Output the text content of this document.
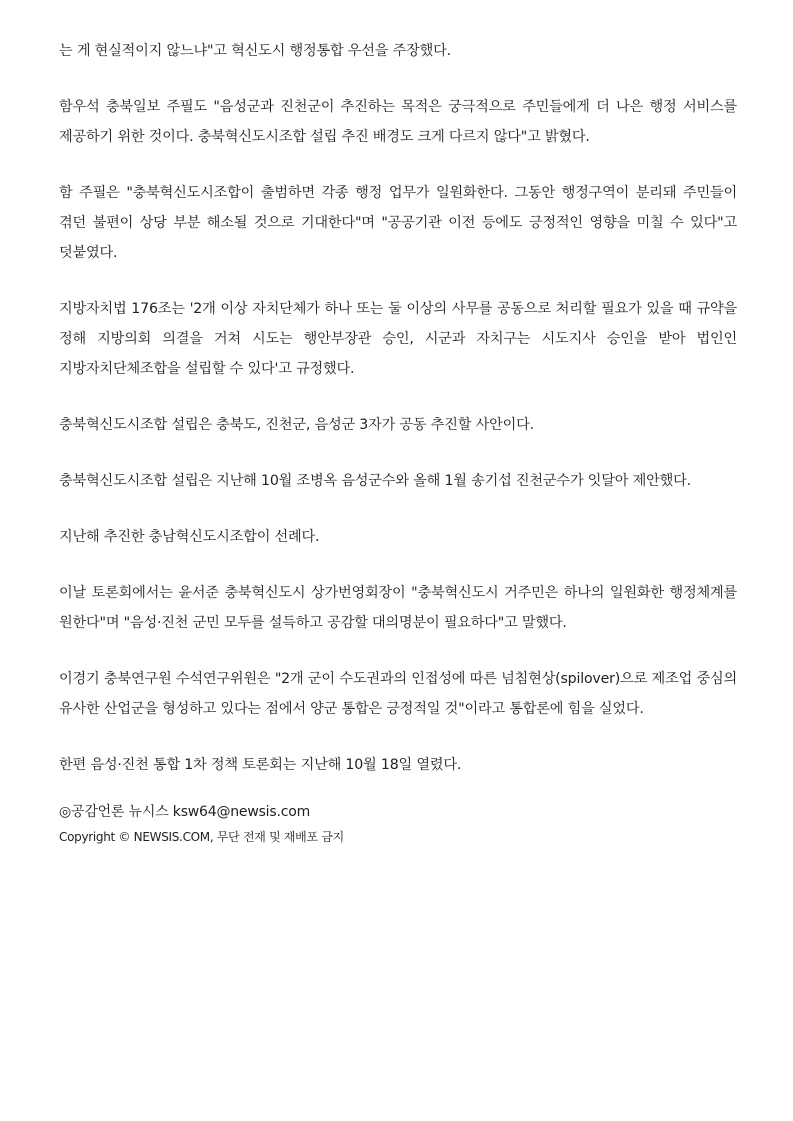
는 게 현실적이지 않느냐"고 혁신도시 행정통합 우선을 주장했다.

함우석 충북일보 주필도 "음성군과 진천군이 추진하는 목적은 궁극적으로 주민들에게 더 나은 행정 서비스를 제공하기 위한 것이다. 충북혁신도시조합 설립 추진 배경도 크게 다르지 않다"고 밝혔다.

함 주필은 "충북혁신도시조합이 출범하면 각종 행정 업무가 일원화한다. 그동안 행정구역이 분리돼 주민들이 겪던 불편이 상당 부분 해소될 것으로 기대한다"며 "공공기관 이전 등에도 긍정적인 영향을 미칠 수 있다"고 덧붙였다.

지방자치법 176조는 '2개 이상 자치단체가 하나 또는 둘 이상의 사무를 공동으로 처리할 필요가 있을 때 규약을 정해 지방의회 의결을 거쳐 시도는 행안부장관 승인, 시군과 자치구는 시도지사 승인을 받아 법인인 지방자치단체조합을 설립할 수 있다'고 규정했다.

충북혁신도시조합 설립은 충북도, 진천군, 음성군 3자가 공동 추진할 사안이다.

충북혁신도시조합 설립은 지난해 10월 조병옥 음성군수와 올해 1월 송기섭 진천군수가 잇달아 제안했다.

지난해 추진한 충남혁신도시조합이 선례다.

이날 토론회에서는 윤서준 충북혁신도시 상가번영회장이 "충북혁신도시 거주민은 하나의 일원화한 행정체계를 원한다"며 "음성·진천 군민 모두를 설득하고 공감할 대의명분이 필요하다"고 말했다.

이경기 충북연구원 수석연구위원은 "2개 군이 수도권과의 인접성에 따른 넘침현상(spilover)으로 제조업 중심의 유사한 산업군을 형성하고 있다는 점에서 양군 통합은 긍정적일 것"이라고 통합론에 힘을 실었다.

한편 음성·진천 통합 1차 정책 토론회는 지난해 10월 18일 열렸다.

◎공감언론 뉴시스 ksw64@newsis.com

Copyright © NEWSIS.COM, 무단 전재 및 재배포 금지
